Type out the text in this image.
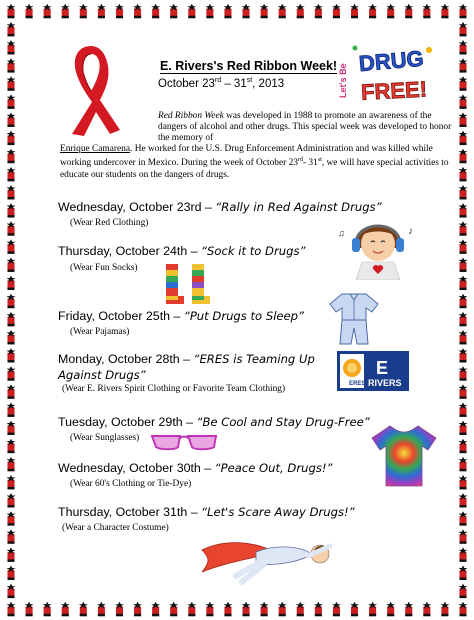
E. Rivers's Red Ribbon Week!
October 23rd – 31st, 2013	Let's Be
DRUG
FREE!
Red Ribbon Week was developed in 1988 to promote an awareness of the dangers of alcohol and other drugs. This special week was developed to honor the memory of
Enrique Camarena. He worked for the U.S. Drug Enforcement Administration and was killed while working undercover in Mexico. During the week of October 23rd- 31st, we will have special activities to educate our students on the dangers of drugs.
Wednesday, October 23rd – “Rally in Red Against Drugs”
(Wear Red Clothing)
Thursday, October 24th – “Sock it to Drugs”
(Wear Fun Socks)
Friday, October 25th – “Put Drugs to Sleep”
(Wear Pajamas)
Monday, October 28th – “ERES is Teaming Up
Against Drugs”
(Wear E. Rivers Spirit Clothing or Favorite Team Clothing)
Tuesday, October 29th – “Be Cool and Stay Drug-Free”
(Wear Sunglasses)
Wednesday, October 30th – “Peace Out, Drugs!”
(Wear 60's Clothing or Tie-Dye)
Thursday, October 31th – “Let's Scare Away Drugs!”
(Wear a Character Costume)
♪
♫
ERES
E
RIVERS
